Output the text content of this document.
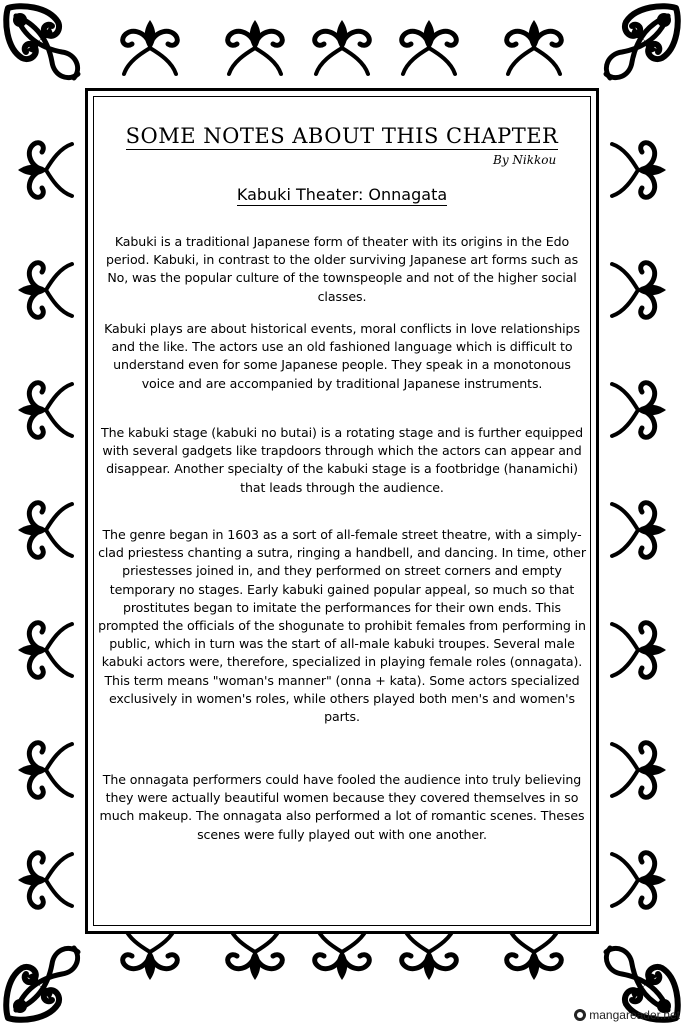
SOME NOTES ABOUT THIS CHAPTER
By Nikkou
Kabuki Theater: Onnagata
Kabuki is a traditional Japanese form of theater with its origins in the Edo period. Kabuki, in contrast to the older surviving Japanese art forms such as No, was the popular culture of the townspeople and not of the higher social classes.
Kabuki plays are about historical events, moral conflicts in love relationships and the like. The actors use an old fashioned language which is difficult to understand even for some Japanese people. They speak in a monotonous voice and are accompanied by traditional Japanese instruments.
The kabuki stage (kabuki no butai) is a rotating stage and is further equipped with several gadgets like trapdoors through which the actors can appear and disappear. Another specialty of the kabuki stage is a footbridge (hanamichi) that leads through the audience.
The genre began in 1603 as a sort of all-female street theatre, with a simply-clad priestess chanting a sutra, ringing a handbell, and dancing. In time, other priestesses joined in, and they performed on street corners and empty temporary no stages. Early kabuki gained popular appeal, so much so that prostitutes began to imitate the performances for their own ends. This prompted the officials of the shogunate to prohibit females from performing in public, which in turn was the start of all-male kabuki troupes. Several male kabuki actors were, therefore, specialized in playing female roles (onnagata). This term means "woman's manner" (onna + kata). Some actors specialized exclusively in women's roles, while others played both men's and women's parts.
The onnagata performers could have fooled the audience into truly believing they were actually beautiful women because they covered themselves in so much makeup. The onnagata also performed a lot of romantic scenes. Theses scenes were fully played out with one another.
mangareader.net
